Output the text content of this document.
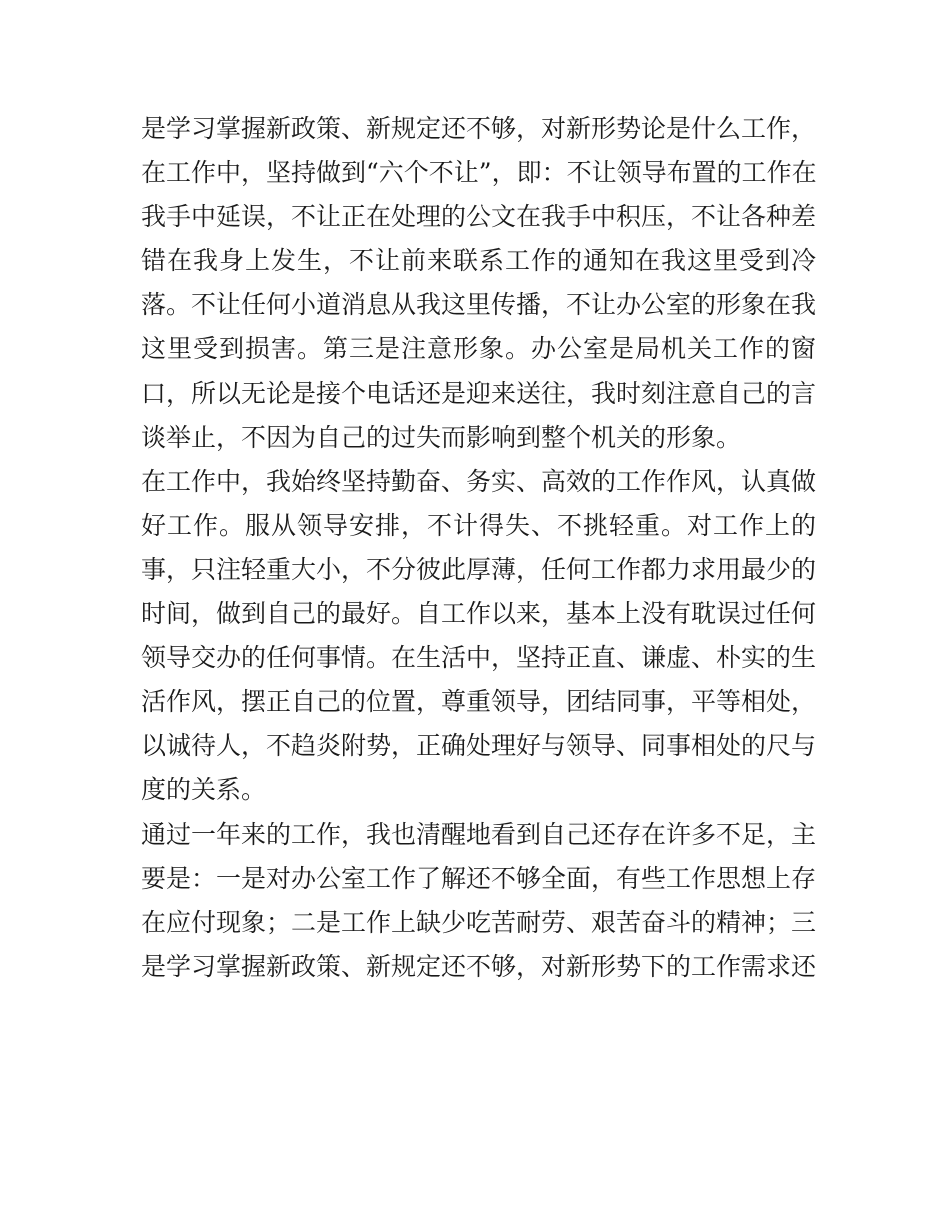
是学习掌握新政策、新规定还不够，对新形势论是什么工作，
在工作中，坚持做到“六个不让”，即：不让领导布置的工作在
我手中延误，不让正在处理的公文在我手中积压，不让各种差
错在我身上发生，不让前来联系工作的通知在我这里受到冷
落。不让任何小道消息从我这里传播，不让办公室的形象在我
这里受到损害。第三是注意形象。办公室是局机关工作的窗
口，所以无论是接个电话还是迎来送往，我时刻注意自己的言
谈举止，不因为自己的过失而影响到整个机关的形象。
在工作中，我始终坚持勤奋、务实、高效的工作作风，认真做
好工作。服从领导安排，不计得失、不挑轻重。对工作上的
事，只注轻重大小，不分彼此厚薄，任何工作都力求用最少的
时间，做到自己的最好。自工作以来，基本上没有耽误过任何
领导交办的任何事情。在生活中，坚持正直、谦虚、朴实的生
活作风，摆正自己的位置，尊重领导，团结同事，平等相处，
以诚待人，不趋炎附势，正确处理好与领导、同事相处的尺与
度的关系。
通过一年来的工作，我也清醒地看到自己还存在许多不足，主
要是：一是对办公室工作了解还不够全面，有些工作思想上存
在应付现象；二是工作上缺少吃苦耐劳、艰苦奋斗的精神；三
是学习掌握新政策、新规定还不够，对新形势下的工作需求还
